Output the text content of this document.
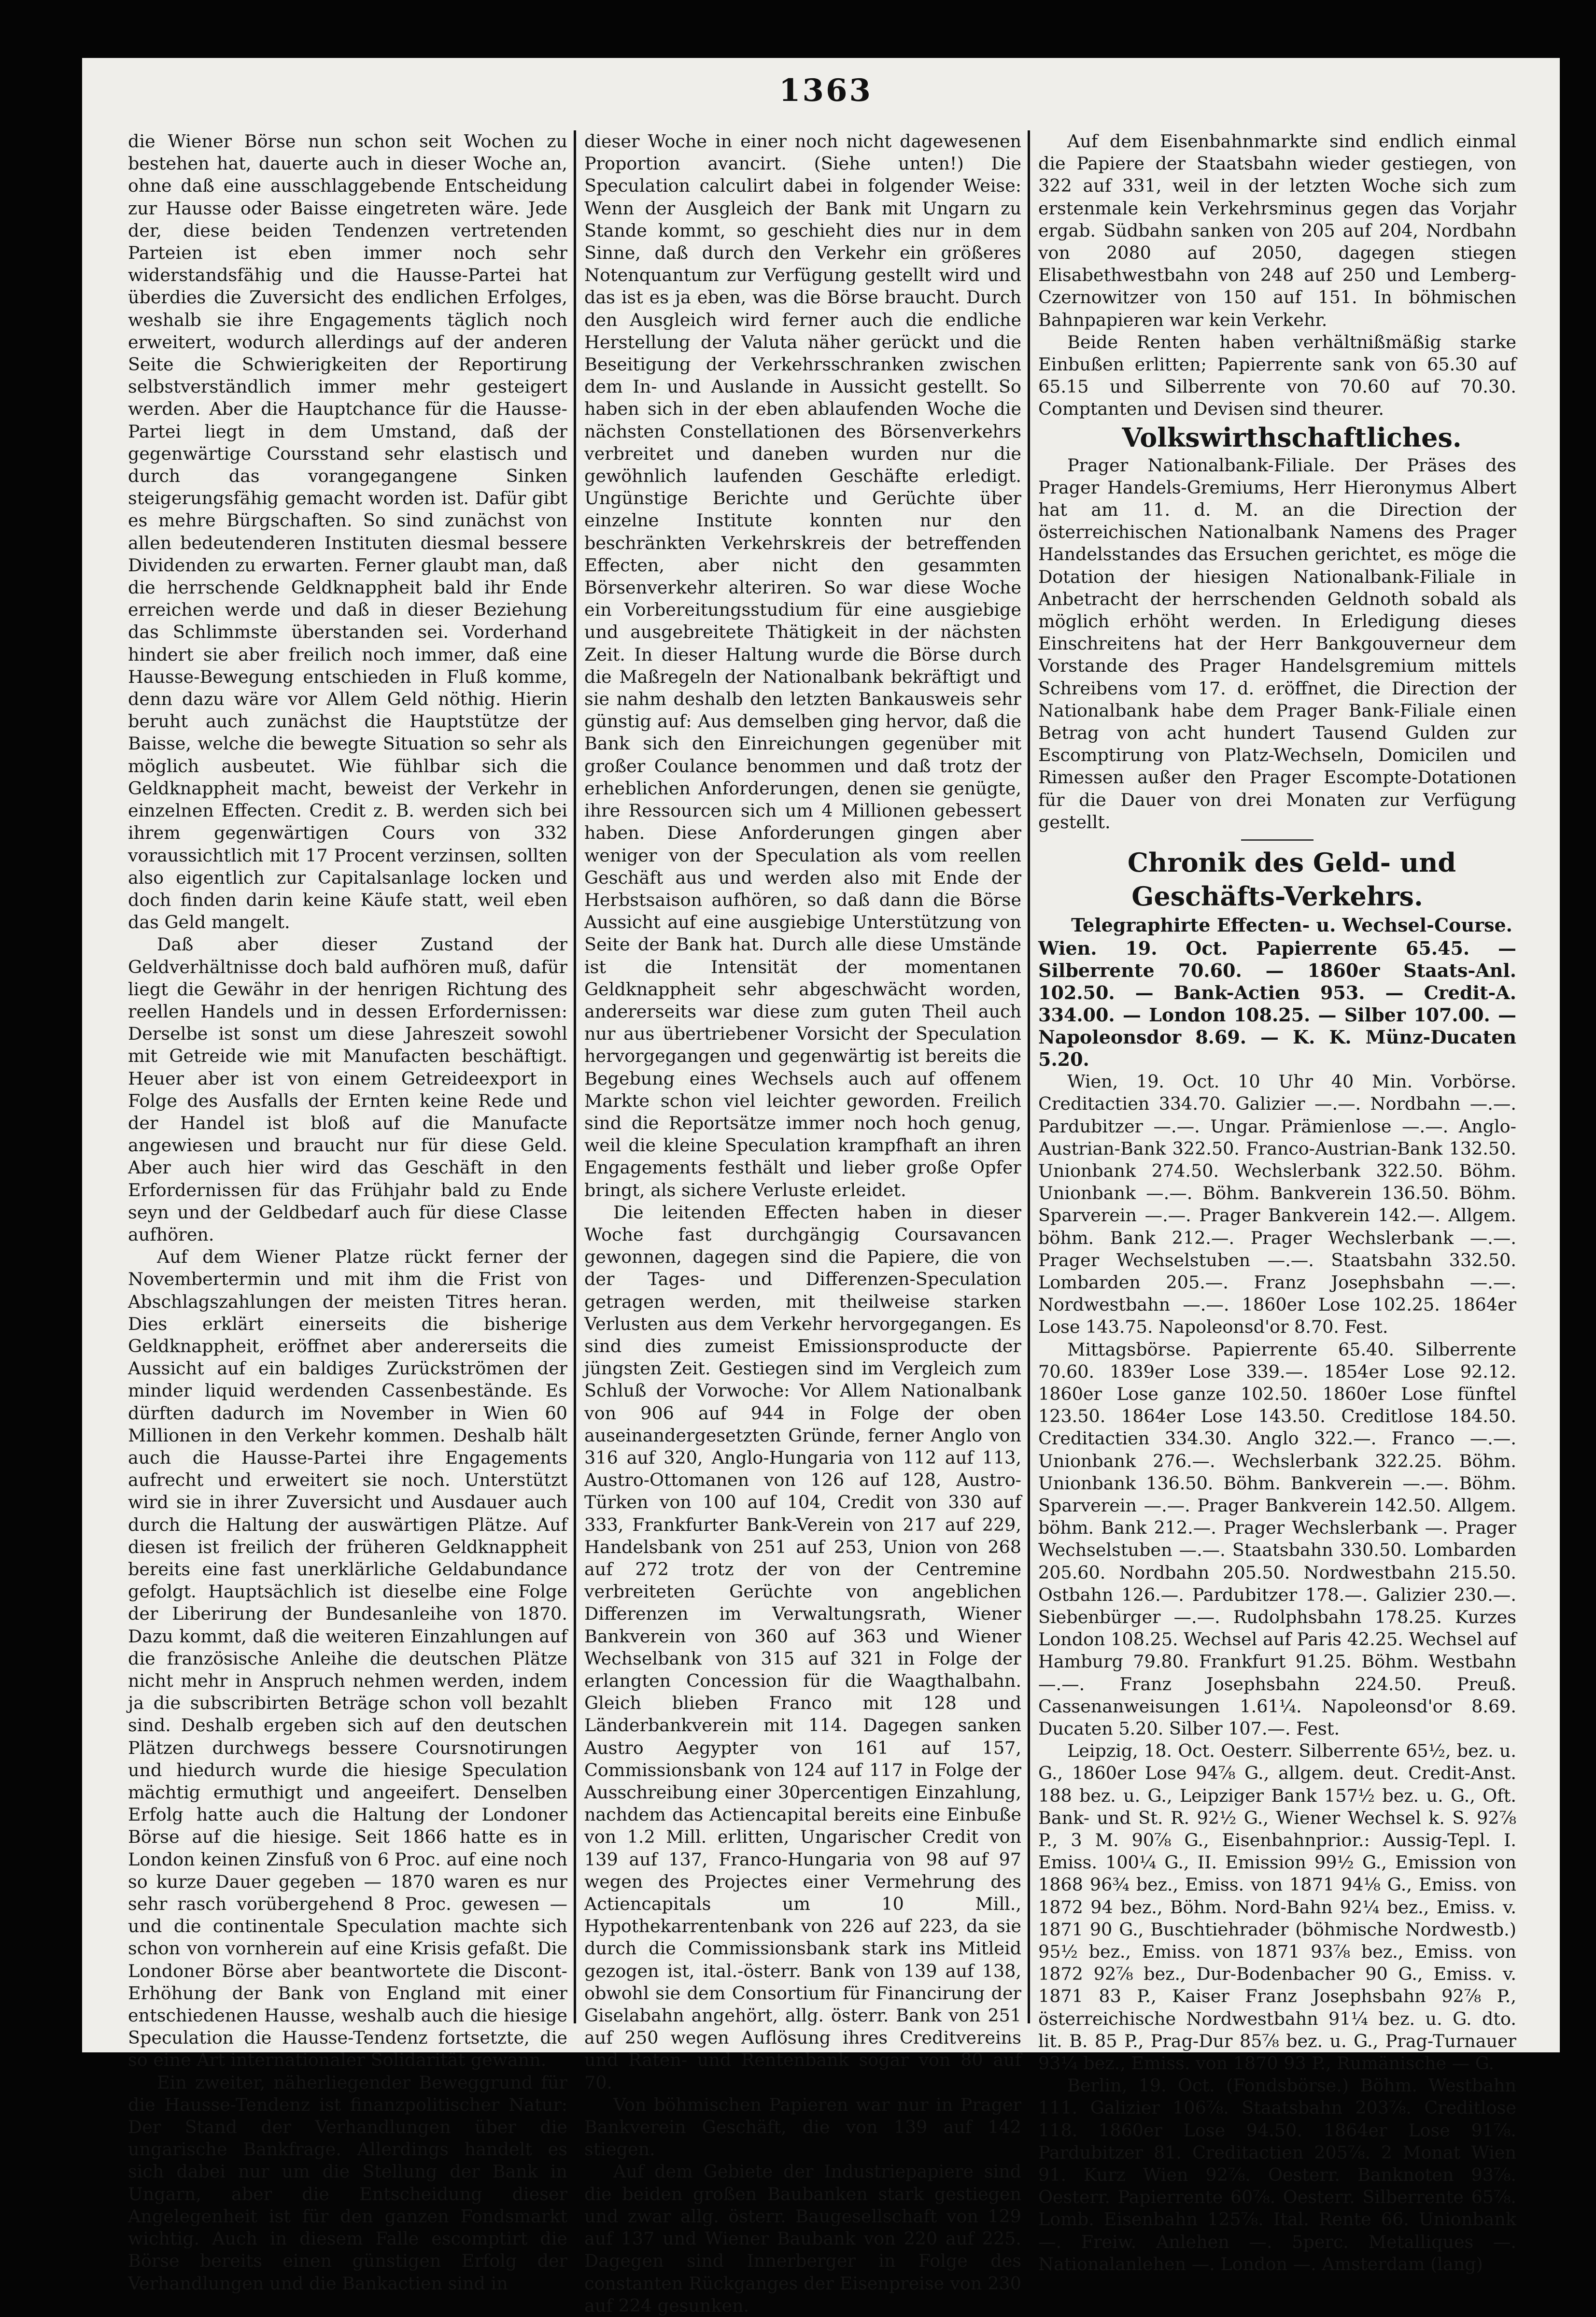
1363

die Wiener Börse nun schon seit Wochen zu bestehen hat, dauerte auch in dieser Woche an, ohne daß eine ausschlaggebende Entscheidung zur Hausse oder Baisse eingetreten wäre. Jede der, diese beiden Tendenzen vertretenden Parteien ist eben immer noch sehr widerstandsfähig und die Hausse-Partei hat überdies die Zuversicht des endlichen Erfolges, weshalb sie ihre Engagements täglich noch erweitert, wodurch allerdings auf der anderen Seite die Schwierigkeiten der Reportirung selbstverständlich immer mehr gesteigert werden. Aber die Hauptchance für die Hausse-Partei liegt in dem Umstand, daß der gegenwärtige Coursstand sehr elastisch und durch das vorangegangene Sinken steigerungsfähig gemacht worden ist. Dafür gibt es mehre Bürgschaften. So sind zunächst von allen bedeutenderen Instituten diesmal bessere Dividenden zu erwarten. Ferner glaubt man, daß die herrschende Geldknappheit bald ihr Ende erreichen werde und daß in dieser Beziehung das Schlimmste überstanden sei. Vorderhand hindert sie aber freilich noch immer, daß eine Hausse-Bewegung entschieden in Fluß komme, denn dazu wäre vor Allem Geld nöthig. Hierin beruht auch zunächst die Hauptstütze der Baisse, welche die bewegte Situation so sehr als möglich ausbeutet. Wie fühlbar sich die Geldknappheit macht, beweist der Verkehr in einzelnen Effecten. Credit z. B. werden sich bei ihrem gegenwärtigen Cours von 332 voraussichtlich mit 17 Procent verzinsen, sollten also eigentlich zur Capitalsanlage locken und doch finden darin keine Käufe statt, weil eben das Geld mangelt.

Daß aber dieser Zustand der Geldverhältnisse doch bald aufhören muß, dafür liegt die Gewähr in der henrigen Richtung des reellen Handels und in dessen Erfordernissen: Derselbe ist sonst um diese Jahreszeit sowohl mit Getreide wie mit Manufacten beschäftigt. Heuer aber ist von einem Getreideexport in Folge des Ausfalls der Ernten keine Rede und der Handel ist bloß auf die Manufacte angewiesen und braucht nur für diese Geld. Aber auch hier wird das Geschäft in den Erfordernissen für das Frühjahr bald zu Ende seyn und der Geldbedarf auch für diese Classe aufhören.

Auf dem Wiener Platze rückt ferner der Novembertermin und mit ihm die Frist von Abschlagszahlungen der meisten Titres heran. Dies erklärt einerseits die bisherige Geldknappheit, eröffnet aber andererseits die Aussicht auf ein baldiges Zurückströmen der minder liquid werdenden Cassenbestände. Es dürften dadurch im November in Wien 60 Millionen in den Verkehr kommen. Deshalb hält auch die Hausse-Partei ihre Engagements aufrecht und erweitert sie noch. Unterstützt wird sie in ihrer Zuversicht und Ausdauer auch durch die Haltung der auswärtigen Plätze. Auf diesen ist freilich der früheren Geldknappheit bereits eine fast unerklärliche Geldabundance gefolgt. Hauptsächlich ist dieselbe eine Folge der Liberirung der Bundesanleihe von 1870. Dazu kommt, daß die weiteren Einzahlungen auf die französische Anleihe die deutschen Plätze nicht mehr in Anspruch nehmen werden, indem ja die subscribirten Beträge schon voll bezahlt sind. Deshalb ergeben sich auf den deutschen Plätzen durchwegs bessere Coursnotirungen und hiedurch wurde die hiesige Speculation mächtig ermuthigt und angeeifert. Denselben Erfolg hatte auch die Haltung der Londoner Börse auf die hiesige. Seit 1866 hatte es in London keinen Zinsfuß von 6 Proc. auf eine noch so kurze Dauer gegeben — 1870 waren es nur sehr rasch vorübergehend 8 Proc. gewesen — und die continentale Speculation machte sich schon von vornherein auf eine Krisis gefaßt. Die Londoner Börse aber beantwortete die Discont-Erhöhung der Bank von England mit einer entschiedenen Hausse, weshalb auch die hiesige Speculation die Hausse-Tendenz fortsetzte, die so eine Art internationaler Solidarität gewann.

Ein zweiter, näherliegender Beweggrund für die Hausse-Tendenz ist finanzpolitischer Natur: Der Stand der Verhandlungen über die ungarische Bankfrage. Allerdings handelt es sich dabei nur um die Stellung der Bank in Ungarn, aber die Entscheidung dieser Angelegenheit ist für den ganzen Fondsmarkt wichtig. Auch in diesem Falle escomptirt die Börse bereits einen günstigen Erfolg der Verhandlungen und die Bankactien sind in

dieser Woche in einer noch nicht dagewesenen Proportion avancirt. (Siehe unten!) Die Speculation calculirt dabei in folgender Weise: Wenn der Ausgleich der Bank mit Ungarn zu Stande kommt, so geschieht dies nur in dem Sinne, daß durch den Verkehr ein größeres Notenquantum zur Verfügung gestellt wird und das ist es ja eben, was die Börse braucht. Durch den Ausgleich wird ferner auch die endliche Herstellung der Valuta näher gerückt und die Beseitigung der Verkehrsschranken zwischen dem In- und Auslande in Aussicht gestellt. So haben sich in der eben ablaufenden Woche die nächsten Constellationen des Börsenverkehrs verbreitet und daneben wurden nur die gewöhnlich laufenden Geschäfte erledigt. Ungünstige Berichte und Gerüchte über einzelne Institute konnten nur den beschränkten Verkehrskreis der betreffenden Effecten, aber nicht den gesammten Börsenverkehr alteriren. So war diese Woche ein Vorbereitungsstudium für eine ausgiebige und ausgebreitete Thätigkeit in der nächsten Zeit. In dieser Haltung wurde die Börse durch die Maßregeln der Nationalbank bekräftigt und sie nahm deshalb den letzten Bankausweis sehr günstig auf: Aus demselben ging hervor, daß die Bank sich den Einreichungen gegenüber mit großer Coulance benommen und daß trotz der erheblichen Anforderungen, denen sie genügte, ihre Ressourcen sich um 4 Millionen gebessert haben. Diese Anforderungen gingen aber weniger von der Speculation als vom reellen Geschäft aus und werden also mit Ende der Herbstsaison aufhören, so daß dann die Börse Aussicht auf eine ausgiebige Unterstützung von Seite der Bank hat. Durch alle diese Umstände ist die Intensität der momentanen Geldknappheit sehr abgeschwächt worden, andererseits war diese zum guten Theil auch nur aus übertriebener Vorsicht der Speculation hervorgegangen und gegenwärtig ist bereits die Begebung eines Wechsels auch auf offenem Markte schon viel leichter geworden. Freilich sind die Reportsätze immer noch hoch genug, weil die kleine Speculation krampfhaft an ihren Engagements festhält und lieber große Opfer bringt, als sichere Verluste erleidet.

Die leitenden Effecten haben in dieser Woche fast durchgängig Coursavancen gewonnen, dagegen sind die Papiere, die von der Tages- und Differenzen-Speculation getragen werden, mit theilweise starken Verlusten aus dem Verkehr hervorgegangen. Es sind dies zumeist Emissionsproducte der jüngsten Zeit. Gestiegen sind im Vergleich zum Schluß der Vorwoche: Vor Allem Nationalbank von 906 auf 944 in Folge der oben auseinandergesetzten Gründe, ferner Anglo von 316 auf 320, Anglo-Hungaria von 112 auf 113, Austro-Ottomanen von 126 auf 128, Austro-Türken von 100 auf 104, Credit von 330 auf 333, Frankfurter Bank-Verein von 217 auf 229, Handelsbank von 251 auf 253, Union von 268 auf 272 trotz der von der Centremine verbreiteten Gerüchte von angeblichen Differenzen im Verwaltungsrath, Wiener Bankverein von 360 auf 363 und Wiener Wechselbank von 315 auf 321 in Folge der erlangten Concession für die Waagthalbahn. Gleich blieben Franco mit 128 und Länderbankverein mit 114. Dagegen sanken Austro Aegypter von 161 auf 157, Commissionsbank von 124 auf 117 in Folge der Ausschreibung einer 30percentigen Einzahlung, nachdem das Actiencapital bereits eine Einbuße von 1.2 Mill. erlitten, Ungarischer Credit von 139 auf 137, Franco-Hungaria von 98 auf 97 wegen des Projectes einer Vermehrung des Actiencapitals um 10 Mill., Hypothekarrentenbank von 226 auf 223, da sie durch die Commissionsbank stark ins Mitleid gezogen ist, ital.-österr. Bank von 139 auf 138, obwohl sie dem Consortium für Financirung der Giselabahn angehört, allg. österr. Bank von 251 auf 250 wegen Auflösung ihres Creditvereins und Raten- und Rentenbank sogar von 80 auf 70.

Von böhmischen Papieren war nur in Prager Bankverein Geschäft, die von 139 auf 142 stiegen.

Auf dem Gebiete der Industriepapiere sind die beiden großen Baubanken stark gestiegen und zwar allg. österr. Baugesellschaft von 129 auf 137 und Wiener Baubank von 220 auf 225. Dagegen sind Innerberger in Folge des constanten Rückganges der Eisenpreise von 230 auf 224 gesunken.

Auf dem Eisenbahnmarkte sind endlich einmal die Papiere der Staatsbahn wieder gestiegen, von 322 auf 331, weil in der letzten Woche sich zum erstenmale kein Verkehrsminus gegen das Vorjahr ergab. Südbahn sanken von 205 auf 204, Nordbahn von 2080 auf 2050, dagegen stiegen Elisabethwestbahn von 248 auf 250 und Lemberg-Czernowitzer von 150 auf 151. In böhmischen Bahnpapieren war kein Verkehr.

Beide Renten haben verhältnißmäßig starke Einbußen erlitten; Papierrente sank von 65.30 auf 65.15 und Silberrente von 70.60 auf 70.30. Comptanten und Devisen sind theurer.

Volkswirthschaftliches.

Prager Nationalbank-Filiale. Der Präses des Prager Handels-Gremiums, Herr Hieronymus Albert hat am 11. d. M. an die Direction der österreichischen Nationalbank Namens des Prager Handelsstandes das Ersuchen gerichtet, es möge die Dotation der hiesigen Nationalbank-Filiale in Anbetracht der herrschenden Geldnoth sobald als möglich erhöht werden. In Erledigung dieses Einschreitens hat der Herr Bankgouverneur dem Vorstande des Prager Handelsgremium mittels Schreibens vom 17. d. eröffnet, die Direction der Nationalbank habe dem Prager Bank-Filiale einen Betrag von acht hundert Tausend Gulden zur Escomptirung von Platz-Wechseln, Domicilen und Rimessen außer den Prager Escompte-Dotationen für die Dauer von drei Monaten zur Verfügung gestellt.

Chronik des Geld- und Geschäfts-Verkehrs.

Telegraphirte Effecten- u. Wechsel-Course.

Wien. 19. Oct. Papierrente 65.45. — Silberrente 70.60. — 1860er Staats-Anl. 102.50. — Bank-Actien 953. — Credit-A. 334.00. — London 108.25. — Silber 107.00. — Napoleonsdor 8.69. — K. K. Münz-Ducaten 5.20.

Wien, 19. Oct. 10 Uhr 40 Min. Vorbörse. Creditactien 334.70. Galizier —.—. Nordbahn —.—. Pardubitzer —.—. Ungar. Prämienlose —.—. Anglo-Austrian-Bank 322.50. Franco-Austrian-Bank 132.50. Unionbank 274.50. Wechslerbank 322.50. Böhm. Unionbank —.—. Böhm. Bankverein 136.50. Böhm. Sparverein —.—. Prager Bankverein 142.—. Allgem. böhm. Bank 212.—. Prager Wechslerbank —.—. Prager Wechselstuben —.—. Staatsbahn 332.50. Lombarden 205.—. Franz Josephsbahn —.—. Nordwestbahn —.—. 1860er Lose 102.25. 1864er Lose 143.75. Napoleonsd'or 8.70. Fest.

Mittagsbörse. Papierrente 65.40. Silberrente 70.60. 1839er Lose 339.—. 1854er Lose 92.12. 1860er Lose ganze 102.50. 1860er Lose fünftel 123.50. 1864er Lose 143.50. Creditlose 184.50. Creditactien 334.30. Anglo 322.—. Franco —.—. Unionbank 276.—. Wechslerbank 322.25. Böhm. Unionbank 136.50. Böhm. Bankverein —.—. Böhm. Sparverein —.—. Prager Bankverein 142.50. Allgem. böhm. Bank 212.—. Prager Wechslerbank —. Prager Wechselstuben —.—. Staatsbahn 330.50. Lombarden 205.60. Nordbahn 205.50. Nordwestbahn 215.50. Ostbahn 126.—. Pardubitzer 178.—. Galizier 230.—. Siebenbürger —.—. Rudolphsbahn 178.25. Kurzes London 108.25. Wechsel auf Paris 42.25. Wechsel auf Hamburg 79.80. Frankfurt 91.25. Böhm. Westbahn —.—. Franz Josephsbahn 224.50. Preuß. Cassenanweisungen 1.61¼. Napoleonsd'or 8.69. Ducaten 5.20. Silber 107.—. Fest.

Leipzig, 18. Oct. Oesterr. Silberrente 65½, bez. u. G., 1860er Lose 94⅞ G., allgem. deut. Credit-Anst. 188 bez. u. G., Leipziger Bank 157½ bez. u. G., Oft. Bank- und St. R. 92½ G., Wiener Wechsel k. S. 92⅞ P., 3 M. 90⅞ G., Eisenbahnprior.: Aussig-Tepl. I. Emiss. 100¼ G., II. Emission 99½ G., Emission von 1868 96¾ bez., Emiss. von 1871 94⅛ G., Emiss. von 1872 94 bez., Böhm. Nord-Bahn 92¼ bez., Emiss. v. 1871 90 G., Buschtiehrader (böhmische Nordwestb.) 95½ bez., Emiss. von 1871 93⅞ bez., Emiss. von 1872 92⅞ bez., Dur-Bodenbacher 90 G., Emiss. v. 1871 83 P., Kaiser Franz Josephsbahn 92⅞ P., österreichische Nordwestbahn 91¼ bez. u. G. dto. lit. B. 85 P., Prag-Dur 85⅞ bez. u. G., Prag-Turnauer 93¼ bez., Emiss. von 1870 93 P., Rumänische — G.

Berlin, 19. Oct. (Fondsbörse.) Böhm. Westbahn 111. Galizier 106⅞. Staatsbahn 203⅞. Creditlose 118. 1860er Lose 94.50. 1864er Lose 91⅞. Pardubitzer 81. Creditactien 205⅞. 2 Monat Wien 91. Kurz Wien 92⅞. Oesterr. Banknoten 93⅞. Oesterr. Papierrente 60⅞. Oesterr. Silberrente 65⅞. Lomb. Eisenbahn 125⅞. Ital. Rente 66. Unionbank —. Freiw. Anlehen —. 5perc. Metalliques —. Nationalanlehen —. London —. Amsterdam (lang)
